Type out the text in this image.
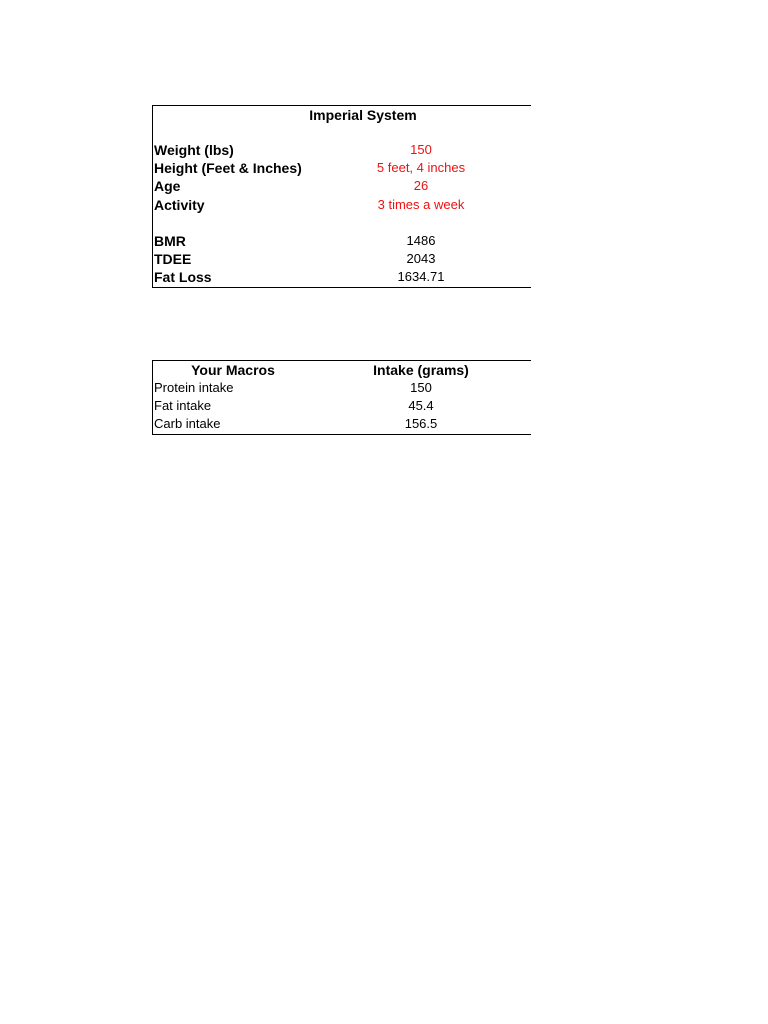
Imperial System
Weight (lbs)	150
Height (Feet & Inches)	5 feet, 4 inches
Age	26
Activity	3 times a week
BMR	1486
TDEE	2043
Fat Loss	1634.71
Your Macros	Intake (grams)
Protein intake	150
Fat intake	45.4
Carb intake	156.5
